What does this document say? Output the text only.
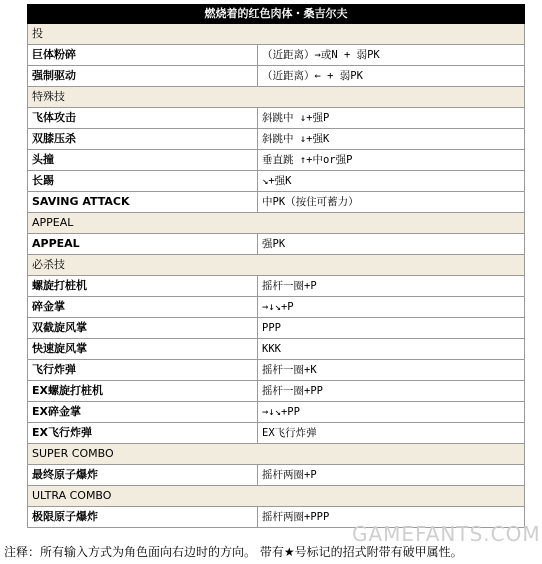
燃烧着的红色肉体・桑吉尔夫	
投	
巨体粉碎	（近距离）→或N + 弱PK
强制驱动	（近距离）← + 弱PK
特殊技	
飞体攻击	斜跳中 ↓+强P
双膝压杀	斜跳中 ↓+强K
头撞	垂直跳 ↑+中or强P
长踢	↘+强K
SAVING ATTACK	中PK（按住可蓄力）
APPEAL	
APPEAL	强PK
必杀技	
螺旋打桩机	摇杆一圈+P
碎金掌	→↓↘+P
双截旋风掌	PPP
快速旋风掌	KKK
飞行炸弹	摇杆一圈+K
EX螺旋打桩机	摇杆一圈+PP
EX碎金掌	→↓↘+PP
EX飞行炸弹	EX飞行炸弹
SUPER COMBO	
最终原子爆炸	摇杆两圈+P
ULTRA COMBO	
极限原子爆炸	摇杆两圈+PPP
GAMEFANTS.COM
注释：所有输入方式为角色面向右边时的方向。 带有★号标记的招式附带有破甲属性。
